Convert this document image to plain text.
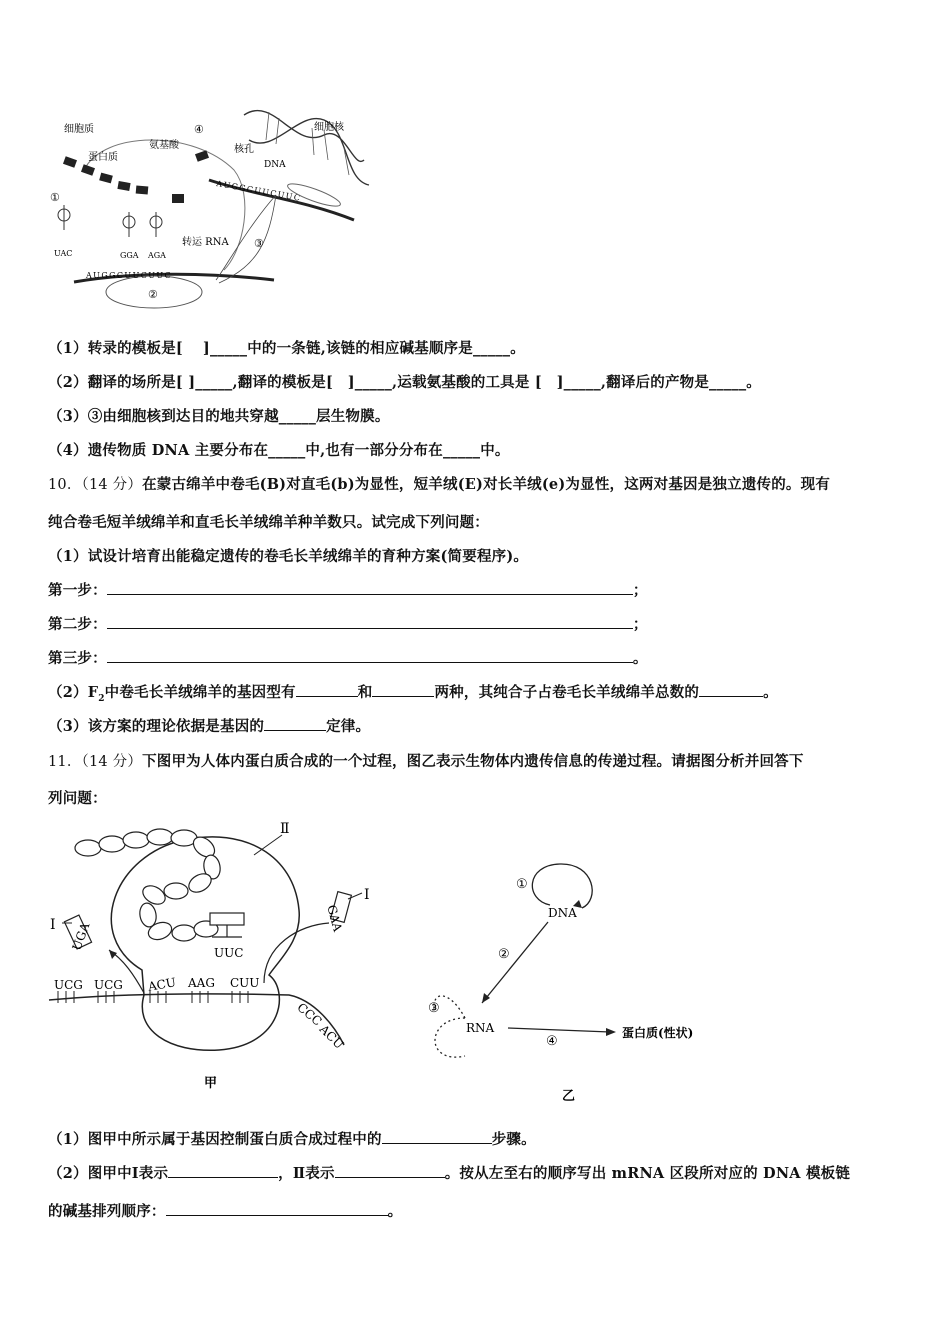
②
AUGGCUUCUUC
①
UAC	GGA AGA
细胞质
蛋白质
氨基酸
转运 RNA
AUGGCUUCUUC
④	细胞核
核孔
DNA
③
（1）转录的模板是[　 ]_____中的一条链,该链的相应碱基顺序是_____。
（2）翻译的场所是[ ]_____,翻译的模板是[　]_____,运载氨基酸的工具是 [　]_____,翻译后的产物是_____。
（3）③由细胞核到达目的地共穿越_____层生物膜。
（4）遗传物质 DNA 主要分布在_____中,也有一部分分布在_____中。
10．（14 分）在蒙古绵羊中卷毛(B)对直毛(b)为显性，短羊绒(E)对长羊绒(e)为显性，这两对基因是独立遗传的。现有
纯合卷毛短羊绒绵羊和直毛长羊绒绵羊种羊数只。试完成下列问题：
（1）试设计培育出能稳定遗传的卷毛长羊绒绵羊的育种方案(简要程序)。
第一步：	；
第二步：	；
第三步：	。
$(2)F_2$中卷毛长羊绒绵羊的基因型有	和	两种，其纯合子占卷毛长羊绒绵羊总数的	。
（3）该方案的理论依据是基因的	定律。
11．（14 分）下图甲为人体内蛋白质合成的一个过程，图乙表示生物体内遗传信息的传递过程。请据图分析并回答下
列问题：
UUC
Ⅱ
GAA
Ⅰ
UGA
Ⅰ
UCG UCG ACU AAG CUU
CCC
ACU
甲
①
DNA
②
③
RNA
④
蛋白质(性状)
乙
（1）图甲中所示属于基因控制蛋白质合成过程中的	步骤。
（2）图甲中Ⅰ表示	，Ⅱ表示	。按从左至右的顺序写出 mRNA 区段所对应的 DNA 模板链
的碱基排列顺序：	。
